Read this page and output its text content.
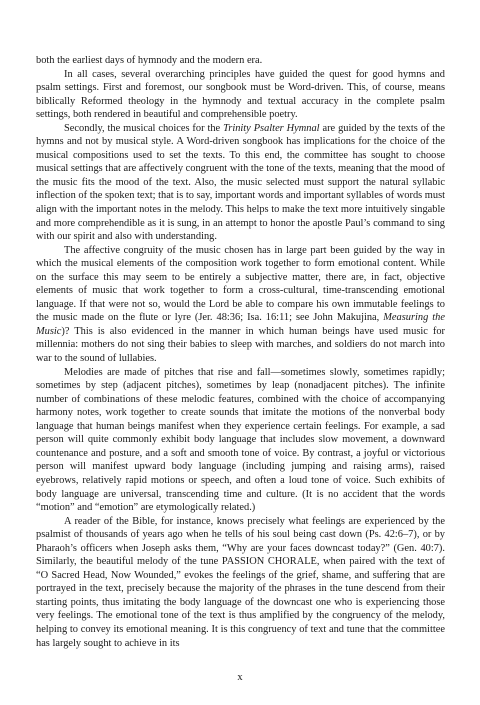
both the earliest days of hymnody and the modern era.

In all cases, several overarching principles have guided the quest for good hymns and psalm settings. First and foremost, our songbook must be Word-driven. This, of course, means biblically Reformed theology in the hymnody and textual accuracy in the complete psalm settings, both rendered in beautiful and comprehensible poetry.

Secondly, the musical choices for the Trinity Psalter Hymnal are guided by the texts of the hymns and not by musical style. A Word-driven songbook has implications for the choice of the musical compositions used to set the texts. To this end, the committee has sought to choose musical settings that are affectively congruent with the tone of the texts, meaning that the mood of the music fits the mood of the text. Also, the music selected must support the natural syllabic inflection of the spoken text; that is to say, important words and important syllables of words must align with the important notes in the melody. This helps to make the text more intuitively singable and more comprehendible as it is sung, in an attempt to honor the apostle Paul’s command to sing with our spirit and also with understanding.

The affective congruity of the music chosen has in large part been guided by the way in which the musical elements of the composition work together to form emotional content. While on the surface this may seem to be entirely a subjective matter, there are, in fact, objective elements of music that work together to form a cross-cultural, time-transcending emotional language. If that were not so, would the Lord be able to compare his own immutable feelings to the music made on the flute or lyre (Jer. 48:36; Isa. 16:11; see John Makujina, Measuring the Music)? This is also evidenced in the manner in which human beings have used music for millennia: mothers do not sing their babies to sleep with marches, and soldiers do not march into war to the sound of lullabies.

Melodies are made of pitches that rise and fall—sometimes slowly, sometimes rapidly; sometimes by step (adjacent pitches), sometimes by leap (nonadjacent pitches). The infinite number of combinations of these melodic features, combined with the choice of accompanying harmony notes, work together to create sounds that imitate the motions of the nonverbal body language that human beings manifest when they experience certain feelings. For example, a sad person will quite commonly exhibit body language that includes slow movement, a downward countenance and posture, and a soft and smooth tone of voice. By contrast, a joyful or victorious person will manifest upward body language (including jumping and raising arms), raised eyebrows, relatively rapid motions or speech, and often a loud tone of voice. Such exhibits of body language are universal, transcending time and culture. (It is no accident that the words “motion” and “emotion” are etymologically related.)

A reader of the Bible, for instance, knows precisely what feelings are experienced by the psalmist of thousands of years ago when he tells of his soul being cast down (Ps. 42:6–7), or by Pharaoh’s officers when Joseph asks them, “Why are your faces downcast today?” (Gen. 40:7). Similarly, the beautiful melody of the tune PASSION CHORALE, when paired with the text of “O Sacred Head, Now Wounded,” evokes the feelings of the grief, shame, and suffering that are portrayed in the text, precisely because the majority of the phrases in the tune descend from their starting points, thus imitating the body language of the downcast one who is experiencing those very feelings. The emotional tone of the text is thus amplified by the congruency of the melody, helping to convey its emotional meaning. It is this congruency of text and tune that the committee has largely sought to achieve in its

x
